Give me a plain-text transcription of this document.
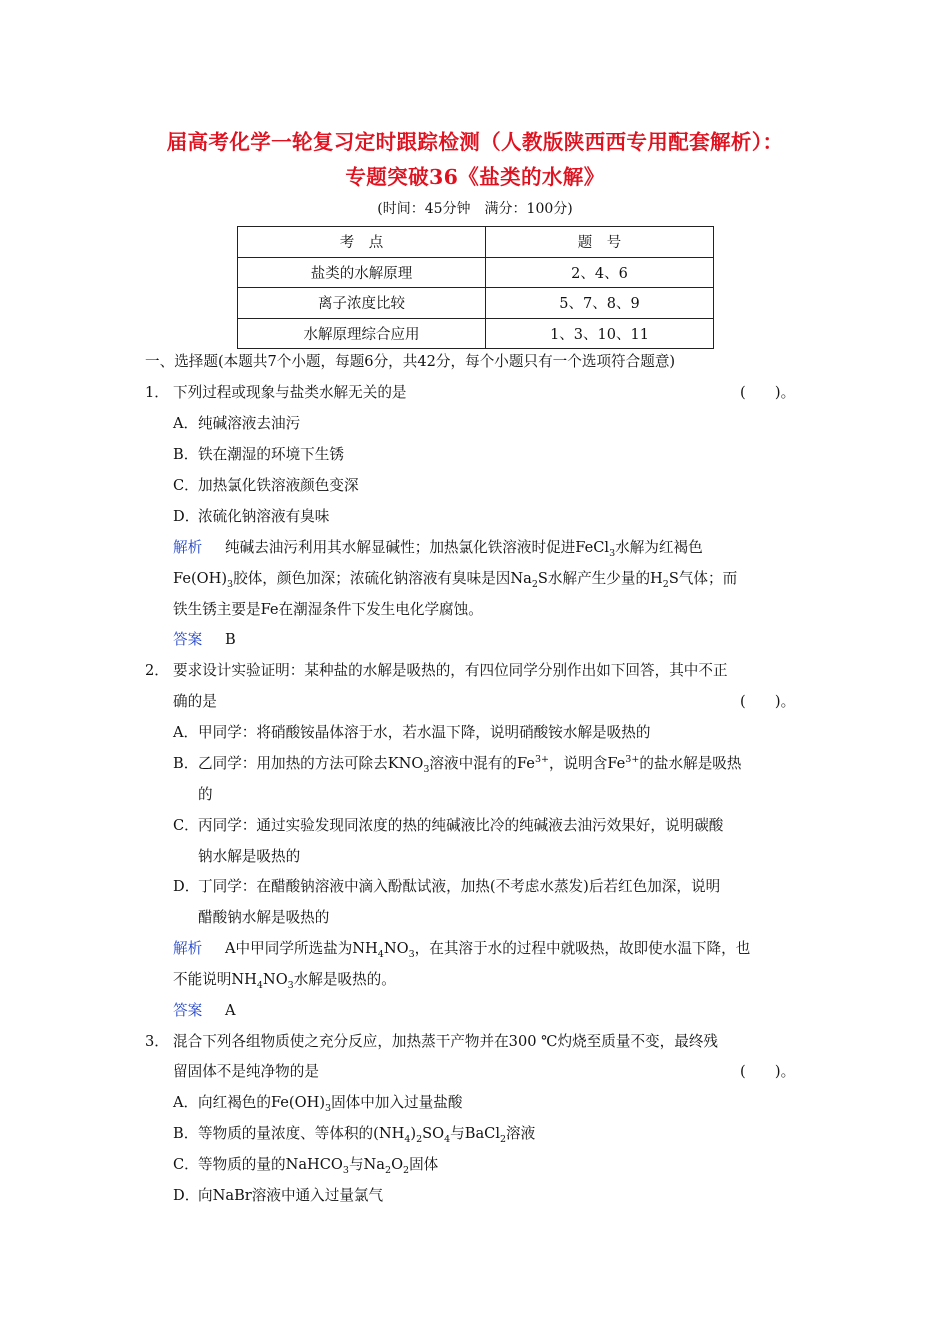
届高考化学一轮复习定时跟踪检测（人教版陕西西专用配套解析）：
专题突破36《盐类的水解》
(时间：45分钟　满分：100分)
考　点	题　号
盐类的水解原理	2、4、6
离子浓度比较	5、7、8、9
水解原理综合应用	1、3、10、11
一、选择题(本题共7个小题，每题6分，共42分，每个小题只有一个选项符合题意)
1． 下列过程或现象与盐类水解无关的是	(　　)。
A．纯碱溶液去油污
B．铁在潮湿的环境下生锈
C．加热氯化铁溶液颜色变深
D．浓硫化钠溶液有臭味
解析 纯碱去油污利用其水解显碱性；加热氯化铁溶液时促进FeCl$_3$水解为红褐色
$Fe(OH)_3$胶体，颜色加深；浓硫化钠溶液有臭味是因$Na_2S$水解产生少量的$H_2S$气体；而
铁生锈主要是Fe在潮湿条件下发生电化学腐蚀。
答案 B
2． 要求设计实验证明：某种盐的水解是吸热的，有四位同学分别作出如下回答，其中不正
确的是	(　　)。
A．甲同学：将硝酸铵晶体溶于水，若水温下降，说明硝酸铵水解是吸热的
B．乙同学：用加热的方法可除去$KNO_3$溶液中混有的$Fe^{3+}$，说明含$Fe^{3+}$的盐水解是吸热
的
C．丙同学：通过实验发现同浓度的热的纯碱液比冷的纯碱液去油污效果好，说明碳酸
钠水解是吸热的
D．丁同学：在醋酸钠溶液中滴入酚酞试液，加热(不考虑水蒸发)后若红色加深，说明
醋酸钠水解是吸热的
解析 A中甲同学所选盐为$NH_4NO_3$，在其溶于水的过程中就吸热，故即使水温下降，也
不能说明$NH_4NO_3$水解是吸热的。
答案 A
3． 混合下列各组物质使之充分反应，加热蒸干产物并在300 ℃灼烧至质量不变，最终残
留固体不是纯净物的是	(　　)。
A．向红褐色的$Fe(OH)_3$固体中加入过量盐酸
B．等物质的量浓度、等体积的$(NH_4)_2SO_4$与BaCl$_2$溶液
C．等物质的量的NaHCO$_3$与$Na_2O_2$固体
D．向NaBr溶液中通入过量氯气
